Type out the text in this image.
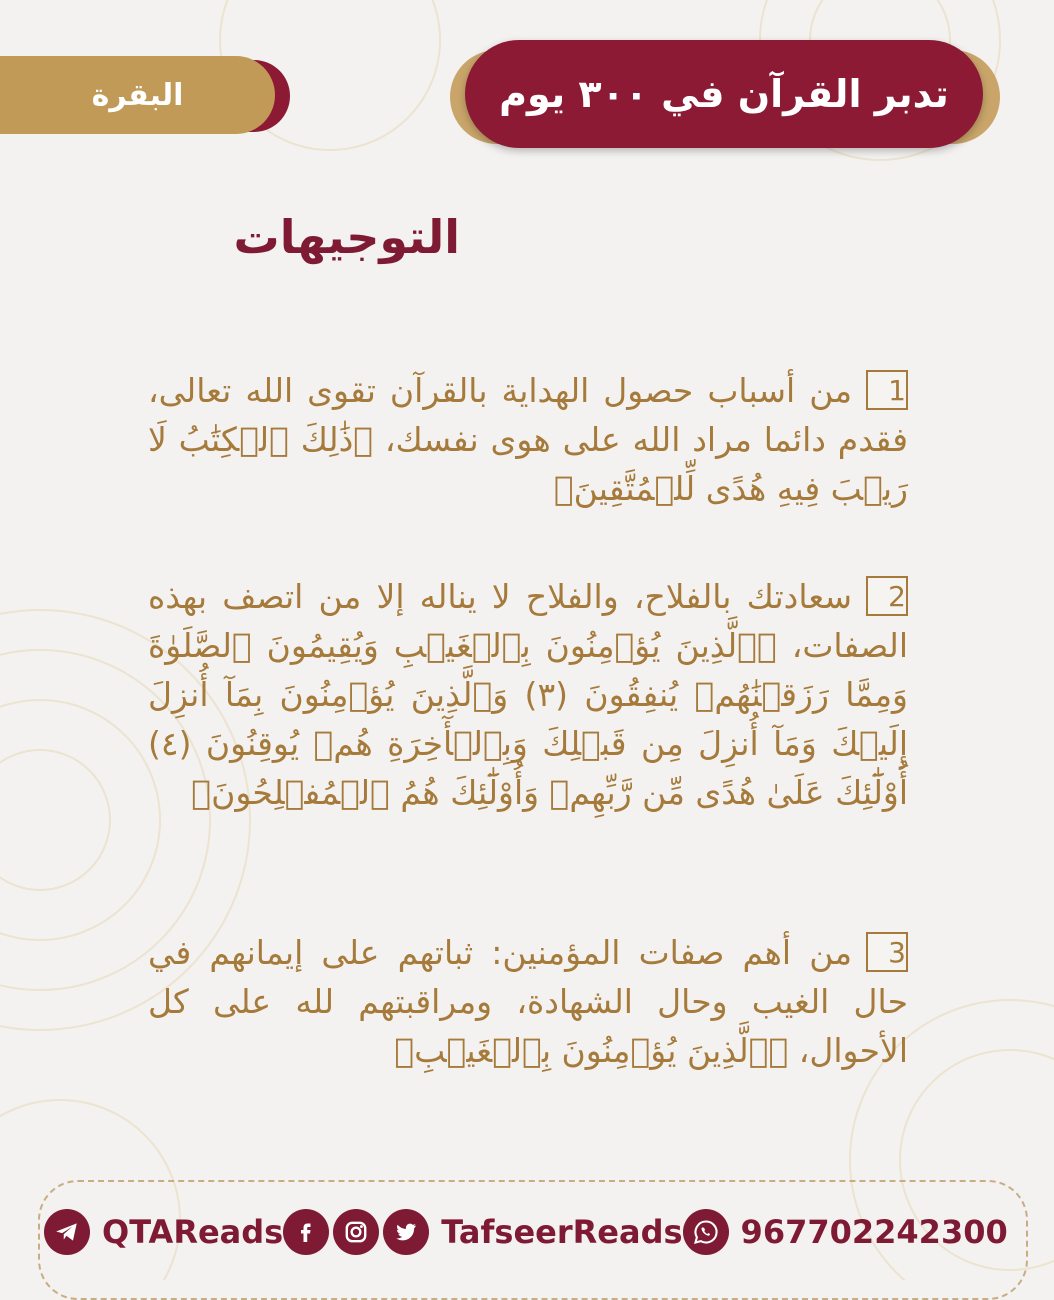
تدبر القرآن في ٣٠٠ يوم
البقرة
التوجيهات
1من أسباب حصول الهداية بالقرآن تقوى الله تعالى، فقدم دائما مراد الله على هوى نفسك، ﴿ذَٰلِكَ ٱلۡكِتَٰبُ لَا رَيۡبَ فِيهِ هُدًى لِّلۡمُتَّقِينَ﴾
2سعادتك بالفلاح، والفلاح لا يناله إلا من اتصف بهذه الصفات، ﴿ٱلَّذِينَ يُؤۡمِنُونَ بِٱلۡغَيۡبِ وَيُقِيمُونَ ٱلصَّلَوٰةَ وَمِمَّا رَزَقۡنَٰهُمۡ يُنفِقُونَ (٣) وَٱلَّذِينَ يُؤۡمِنُونَ بِمَآ أُنزِلَ إِلَيۡكَ وَمَآ أُنزِلَ مِن قَبۡلِكَ وَبِٱلۡأٓخِرَةِ هُمۡ يُوقِنُونَ (٤) أُوْلَٰٓئِكَ عَلَىٰ هُدًى مِّن رَّبِّهِمۡ وَأُوْلَٰٓئِكَ هُمُ ٱلۡمُفۡلِحُونَ﴾
3من أهم صفات المؤمنين: ثباتهم على إيمانهم في حال الغيب وحال الشهادة، ومراقبتهم لله على كل الأحوال، ﴿ٱلَّذِينَ يُؤۡمِنُونَ بِٱلۡغَيۡبِ﴾
QTAReads	TafseerReads 967702242300
